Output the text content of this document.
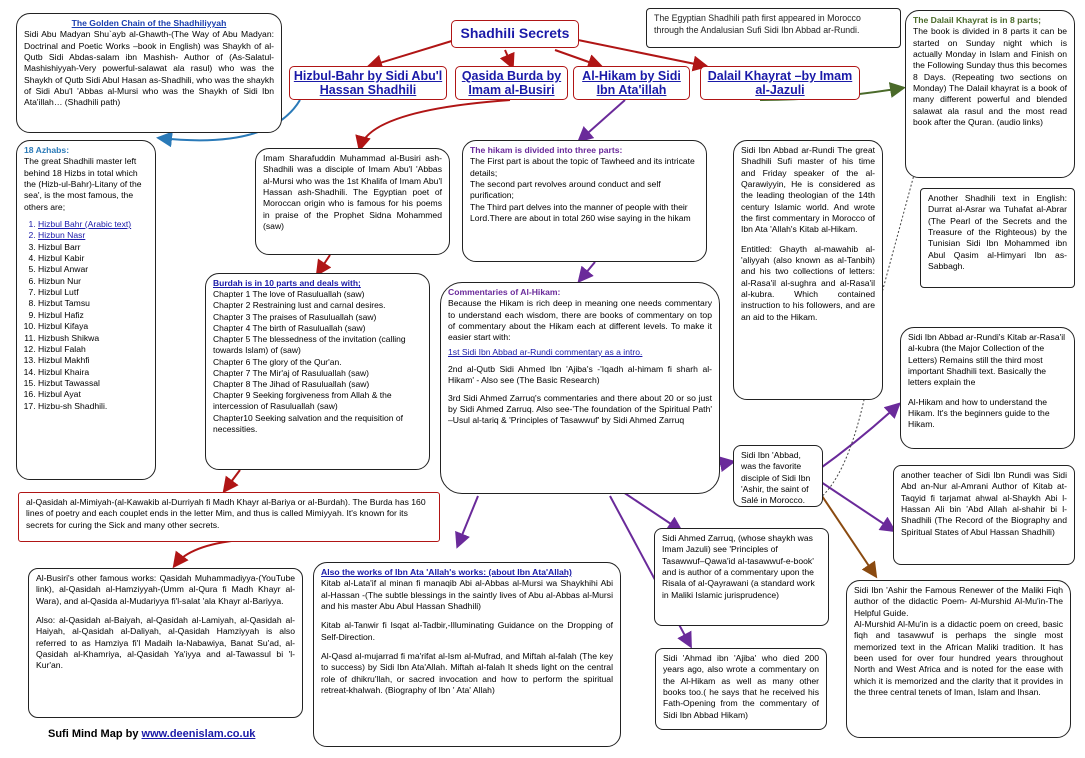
Shadhili Secrets
Hizbul-Bahr by Sidi Abu'l Hassan Shadhili
Qasida Burda by Imam al-Busiri
Al-Hikam by Sidi Ibn Ata'illah
Dalail Khayrat –by Imam al-Jazuli

The Golden Chain of the Shadhiliyyah

Sidi Abu Madyan Shu`ayb al-Ghawth-(The Way of Abu Madyan: Doctrinal and Poetic Works –book in English) was Shaykh of al-Qutb Sidi Abdas-salam ibn Mashish- Author of (As-Salatul-Mashishiyyah-Very powerful-salawat ala rasul) who was the Shaykh of Qutb Sidi Abul Hasan as-Shadhili, who was the shaykh of Sidi Abu'l 'Abbas al-Mursi who was the Shaykh of Sidi Ibn Ata'illah… (Shadhili path)

The Egyptian Shadhili path first appeared in Morocco through the Andalusian Sufi Sidi Ibn Abbad ar-Rundi.

The Dalail Khayrat is in 8 parts;

The book is divided in 8 parts it can be started on Sunday night which is actually Monday in Islam and Finish on the Following Sunday thus this becomes 8 Days. (Repeating two sections on Monday) The Dalail khayrat is a book of many different powerful and blended salawat ala rasul and the most read book after the Quran. (audio links)

18 Azhabs:

The great Shadhili master left behind 18 Hizbs in total which the (Hizb-ul-Bahr)-Litany of the sea', is the most famous, the others are;

1. Hizbul Bahr (Arabic text)
2. Hizbun Nasr
3. Hizbul Barr
4. Hizbul Kabir
5. Hizbul Anwar
6. Hizbun Nur
7. Hizbul Lutf
8. Hizbut Tamsu
9. Hizbul Hafiz
10. Hizbul Kifaya
11. Hizbush Shikwa
12. Hizbul Falah
13. Hizbul Makhfi
14. Hizbul Khaira
15. Hizbut Tawassal
16. Hizbul Ayat
17. Hizbu-sh Shadhili.

Imam Sharafuddin Muhammad al-Busiri ash-Shadhili was a disciple of Imam Abu'l 'Abbas al-Mursi who was the 1st Khalifa of Imam Abu'l Hassan ash-Shadhili. The Egyptian poet of Moroccan origin who is famous for his poems in praise of the Prophet Sidna Mohammed (saw)

The hikam is divided into three parts:

The First part is about the topic of Tawheed and its intricate details;

The second part revolves around conduct and self purification;

The Third part delves into the manner of people with their Lord.There are about in total 260 wise saying in the hikam

Sidi Ibn Abbad ar-Rundi The great Shadhili Sufi master of his time and Friday speaker of the al-Qarawiyyin, He is considered as the leading theologian of the 14th century Islamic world. And wrote the first commentary in Morocco of Ibn Ata 'Allah's Kitab al-Hikam.

Entitled: Ghayth al-mawahib al-'aliyyah (also known as al-Tanbih) and his two collections of letters: al-Rasa'il al-sughra and al-Rasa'il al-kubra. Which contained instruction to his followers, and are an aid to the Hikam.

Another Shadhili text in English: Durrat al-Asrar wa Tuhafat al-Abrar (The Pearl of the Secrets and the Treasure of the Righteous) by the Tunisian Sidi Ibn Mohammed ibn Abul Qasim al-Himyari Ibn as-Sabbagh.

Burdah is in 10 parts and deals with;

Chapter 1 The love of Rasuluallah (saw)

Chapter 2 Restraining lust and carnal desires.

Chapter 3 The praises of Rasuluallah (saw)

Chapter 4 The birth of Rasuluallah (saw)

Chapter 5 The blessedness of the invitation (calling towards Islam) of (saw)

Chapter 6 The glory of the Qur'an.

Chapter 7 The Mir'aj of Rasuluallah (saw)

Chapter 8 The Jihad of Rasuluallah (saw)

Chapter 9 Seeking forgiveness from Allah & the intercession of Rasuluallah (saw)

Chapter10 Seeking salvation and the requisition of necessities.

Commentaries of Al-Hikam:

Because the Hikam is rich deep in meaning one needs commentary to understand each wisdom, there are books of commentary on top of commentary about the Hikam each at different levels. To make it easier start with:

1st Sidi Ibn Abbad ar-Rundi commentary as a intro.

2nd al-Qutb Sidi Ahmed Ibn 'Ajiba's -'Iqadh al-himam fi sharh al-Hikam' - Also see (The Basic Research)

3rd Sidi Ahmed Zarruq's commentaries and there about 20 or so just by Sidi Ahmed Zarruq. Also see-'The foundation of the Spiritual Path' –Usul al-tariq & 'Principles of Tasawwuf' by Sidi Ahmed Zarruq

Sidi Ibn Abbad ar-Rundi's Kitab ar-Rasa'il al-kubra (the Major Collection of the Letters) Remains still the third most important Shadhili text. Basically the letters explain the

Al-Hikam and how to understand the Hikam. It's the beginners guide to the Hikam.

Sidi Ibn 'Abbad, was the favorite disciple of Sidi Ibn 'Ashir, the saint of Salé in Morocco.

al-Qasidah al-Mimiyah-(al-Kawakib al-Durriyah fi Madh Khayr al-Bariya or al-Burdah). The Burda has 160 lines of poetry and each couplet ends in the letter Mim, and thus is called Mimiyyah. It's known for its secrets for curing the Sick and many other secrets.

another teacher of Sidi Ibn Rundi was Sidi Abd an-Nur al-Amrani Author of Kitab at-Taqyid fi tarjamat ahwal al-Shaykh Abi l-Hassan Ali bin 'Abd Allah al-shahir bi l-Shadhili (The Record of the Biography and Spiritual States of Abul Hassan Shadhili)

Sidi Ahmed Zarruq, (whose shaykh was Imam Jazuli) see 'Principles of Tasawwuf–Qawa'id al-tasawwuf-e-book' and is author of a commentary upon the Risala of al-Qayrawani (a standard work in Maliki Islamic jurisprudence)

Al-Busiri's other famous works: Qasidah Muhammadiyya-(YouTube link), al-Qasidah al-Hamziyyah-(Umm al-Qura fi Madh Khayr al-Wara), and al-Qasida al-Mudariyya fi'l-salat 'ala Khayr al-Bariyya.

Also: al-Qasidah al-Baiyah, al-Qasidah al-Lamiyah, al-Qasidah al-Haiyah, al-Qasidah al-Daliyah, al-Qasidah Hamziyyah is also referred to as Hamziya fi'l Madaih la-Nabawiya, Banat Su'ad, al-Qasidah al-Khamriya, al-Qasidah Ya'iyya and al-Tawassul bi 'l-Kur'an.

Also the works of Ibn Ata 'Allah's works: (about Ibn Ata'Allah)

Kitab al-Lata'if al minan fi manaqib Abi al-Abbas al-Mursi wa Shaykhihi Abi al-Hassan -(The subtle blessings in the saintly lives of Abu al-Abbas al-Mursi and his master Abu Abul Hassan Shadhili)

Kitab al-Tanwir fi Isqat al-Tadbir,-Illuminating Guidance on the Dropping of Self-Direction.

Al-Qasd al-mujarrad fi ma'rifat al-Ism al-Mufrad, and Miftah al-falah (The key to success) by Sidi Ibn Ata'Allah. Miftah al-falah It sheds light on the central role of dhikru'llah, or sacred invocation and how to perform the spiritual retreat-khalwah. (Biography of Ibn ' Ata' Allah)

Sidi Ibn 'Ashir the Famous Renewer of the Maliki Fiqh author of the didactic Poem- Al-Murshid Al-Mu'in-The Helpful Guide.

Al-Murshid Al-Mu'in is a didactic poem on creed, basic fiqh and tasawwuf is perhaps the single most memorized text in the African Maliki tradition. It has been used for over four hundred years throughout North and West Africa and is noted for the ease with which it is memorized and the clarity that it provides in the three central tenets of Iman, Islam and Ihsan.

Sidi 'Ahmad ibn 'Ajiba' who died 200 years ago, also wrote a commentary on the Al-Hikam as well as many other books too.( he says that he received his Fath-Opening from the commentary of Sidi Ibn Abbad Hikam)

Sufi Mind Map by www.deenislam.co.uk
